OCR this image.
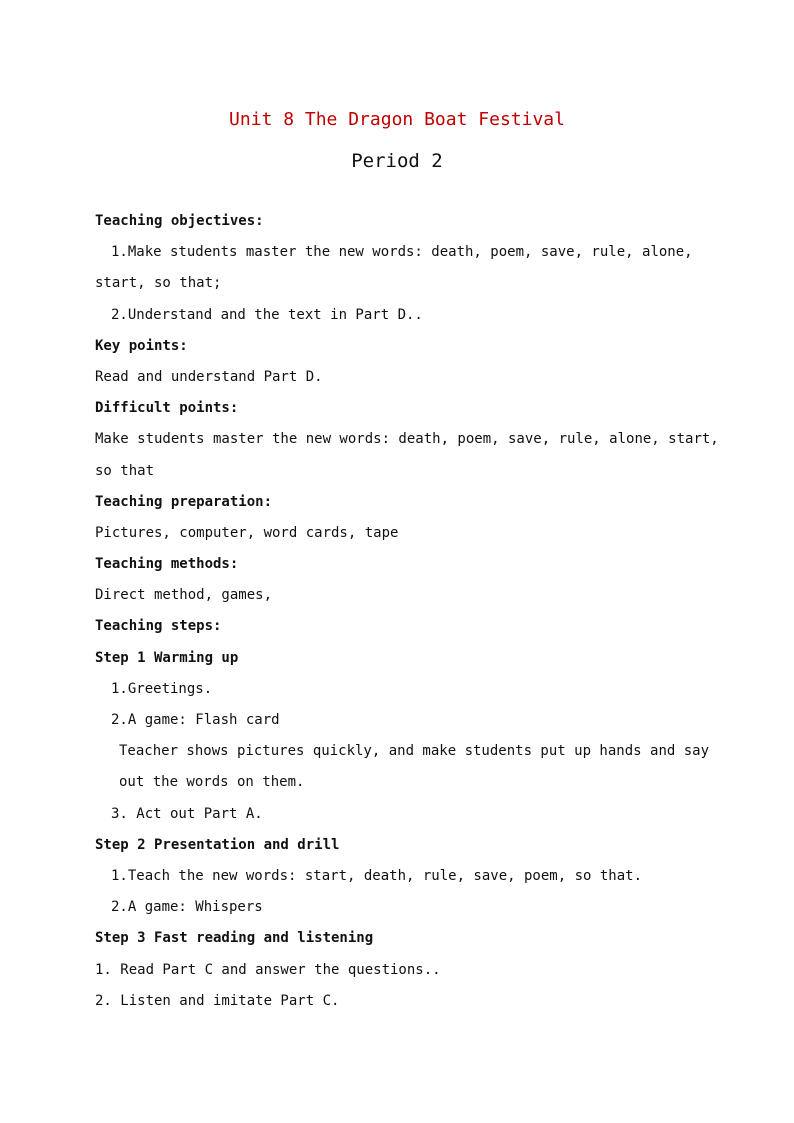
Unit 8 The Dragon Boat Festival
Period 2
Teaching objectives:
1.Make students master the new words: death, poem, save, rule, alone,
start, so that;
2.Understand and the text in Part D..
Key points:
Read and understand Part D.
Difficult points:
Make students master the new words: death, poem, save, rule, alone, start,
so that
Teaching preparation:
Pictures, computer, word cards, tape
Teaching methods:
Direct method, games,
Teaching steps:
Step 1 Warming up
1.Greetings.
2.A game: Flash card
Teacher shows pictures quickly, and make students put up hands and say
out the words on them.
3. Act out Part A.
Step 2 Presentation and drill
1.Teach the new words: start, death, rule, save, poem, so that.
2.A game: Whispers
Step 3 Fast reading and listening
1. Read Part C and answer the questions..
2. Listen and imitate Part C.
